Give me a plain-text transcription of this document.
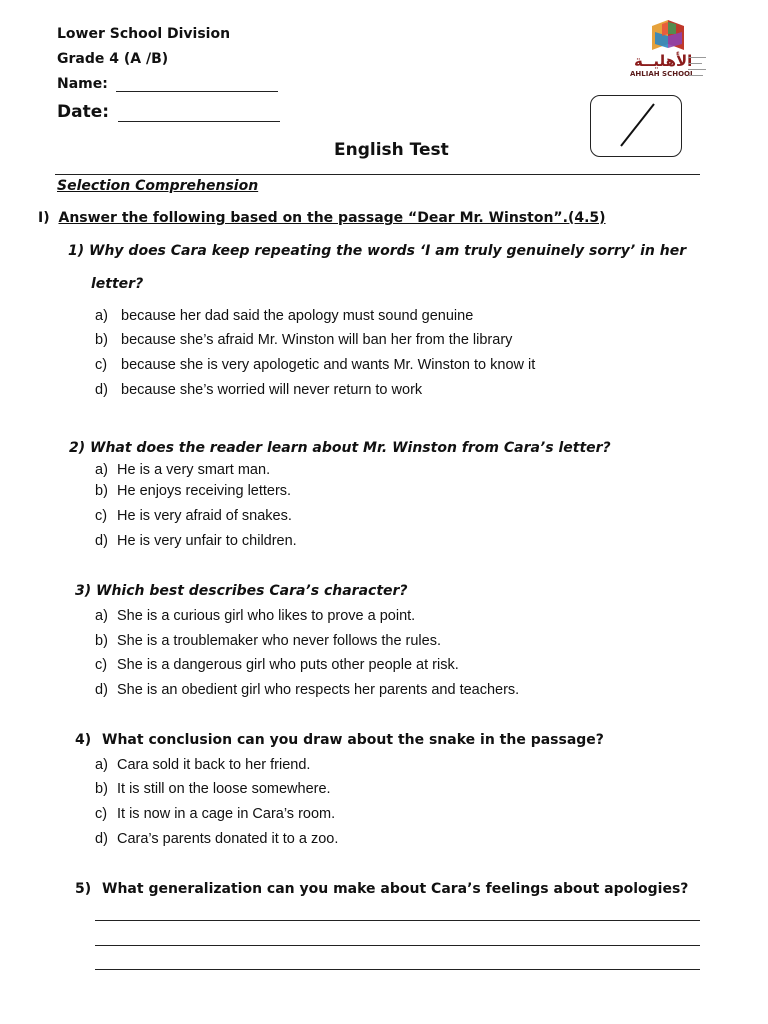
Lower School Division
Grade 4 (A /B)
Name:
Date:
الأهليــة
AHLIAH SCHOOL
English Test
Selection Comprehension
I) Answer the following based on the passage “Dear Mr. Winston”.(4.5)
1) Why does Cara keep repeating the words ‘I am truly genuinely sorry’ in her
letter?
a) because her dad said the apology must sound genuine
b) because she’s afraid Mr. Winston will ban her from the library
c) because she is very apologetic and wants Mr. Winston to know it
d) because she’s worried will never return to work
2) What does the reader learn about Mr. Winston from Cara’s letter?
a) He is a very smart man.
b) He enjoys receiving letters.
c) He is very afraid of snakes.
d) He is very unfair to children.
3) Which best describes Cara’s character?
a) She is a curious girl who likes to prove a point.
b) She is a troublemaker who never follows the rules.
c) She is a dangerous girl who puts other people at risk.
d) She is an obedient girl who respects her parents and teachers.
4) What conclusion can you draw about the snake in the passage?
a) Cara sold it back to her friend.
b) It is still on the loose somewhere.
c) It is now in a cage in Cara’s room.
d) Cara’s parents donated it to a zoo.
5) What generalization can you make about Cara’s feelings about apologies?
